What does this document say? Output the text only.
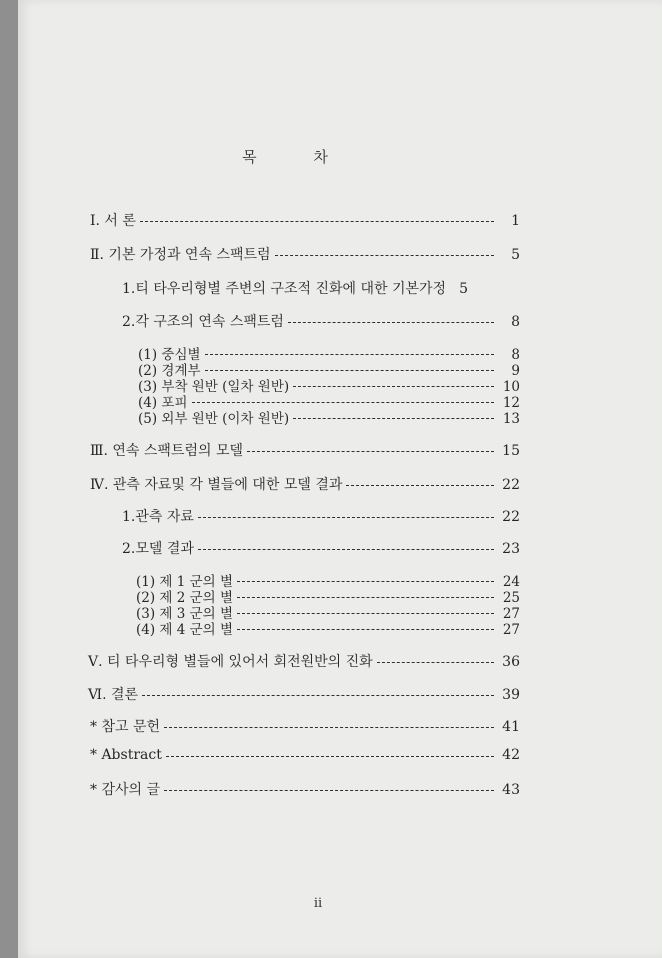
목 차
Ⅰ. 서 론	1
Ⅱ. 기본 가정과 연속 스팩트럼	5
1.티 타우리형별 주변의 구조적 진화에 대한 기본가정 5
2.각 구조의 연속 스팩트럼	8
(1) 중심별	8
(2) 경계부	9
(3) 부착 원반 (일차 원반)	10
(4) 포피	12
(5) 외부 원반 (이차 원반)	13
Ⅲ. 연속 스팩트럼의 모델	15
Ⅳ. 관측 자료및 각 별들에 대한 모델 결과	22
1.관측 자료	22
2.모델 결과	23
(1) 제 1 군의 별	24
(2) 제 2 군의 별	25
(3) 제 3 군의 별	27
(4) 제 4 군의 별	27
Ⅴ. 티 타우리형 별들에 있어서 회전원반의 진화	36
Ⅵ. 결론	39
* 참고 문헌	41
* Abstract	42
* 감사의 글	43
ii
